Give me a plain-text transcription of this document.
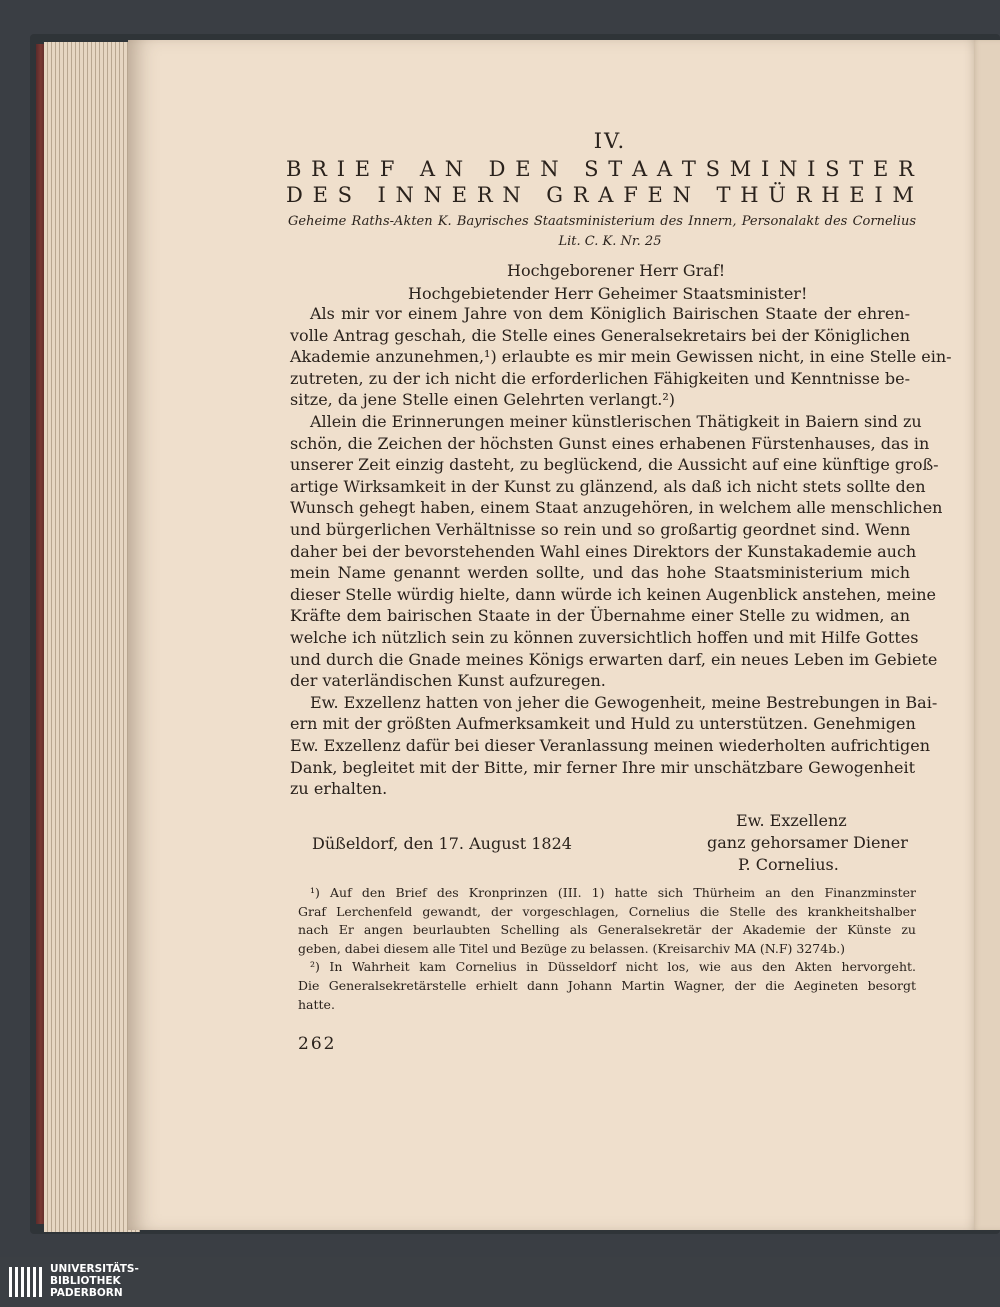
IV.
B R I E F A N D E N S T A A T S M I N I S T E R
D E S I N N E R N G R A F E N T H Ü R H E I M
Geheime Raths-Akten K. Bayrisches Staatsministerium des Innern, Personalakt des Cornelius
Lit. C. K. Nr. 25
Hochgeborener Herr Graf!
Hochgebietender Herr Geheimer Staatsminister!
Als mir vor einem Jahre von dem Königlich Bairischen Staate der ehren-
volle Antrag geschah, die Stelle eines Generalsekretairs bei der Königlichen
Akademie anzunehmen,¹) erlaubte es mir mein Gewissen nicht, in eine Stelle ein-
zutreten, zu der ich nicht die erforderlichen Fähigkeiten und Kenntnisse be-
sitze, da jene Stelle einen Gelehrten verlangt.²)
Allein die Erinnerungen meiner künstlerischen Thätigkeit in Baiern sind zu
schön, die Zeichen der höchsten Gunst eines erhabenen Fürstenhauses, das in
unserer Zeit einzig dasteht, zu beglückend, die Aussicht auf eine künftige groß-
artige Wirksamkeit in der Kunst zu glänzend, als daß ich nicht stets sollte den
Wunsch gehegt haben, einem Staat anzugehören, in welchem alle menschlichen
und bürgerlichen Verhältnisse so rein und so großartig geordnet sind. Wenn
daher bei der bevorstehenden Wahl eines Direktors der Kunstakademie auch
mein Name genannt werden sollte, und das hohe Staatsministerium mich
dieser Stelle würdig hielte, dann würde ich keinen Augenblick anstehen, meine
Kräfte dem bairischen Staate in der Übernahme einer Stelle zu widmen, an
welche ich nützlich sein zu können zuversichtlich hoffen und mit Hilfe Gottes
und durch die Gnade meines Königs erwarten darf, ein neues Leben im Gebiete
der vaterländischen Kunst aufzuregen.
Ew. Exzellenz hatten von jeher die Gewogenheit, meine Bestrebungen in Bai-
ern mit der größten Aufmerksamkeit und Huld zu unterstützen. Genehmigen
Ew. Exzellenz dafür bei dieser Veranlassung meinen wiederholten aufrichtigen
Dank, begleitet mit der Bitte, mir ferner Ihre mir unschätzbare Gewogenheit
zu erhalten.
Ew. Exzellenz
Düßeldorf, den 17. August 1824	ganz gehorsamer Diener
P. Cornelius.
¹) Auf den Brief des Kronprinzen (III. 1) hatte sich Thürheim an den Finanzminster
Graf Lerchenfeld gewandt, der vorgeschlagen, Cornelius die Stelle des krankheitshalber
nach Er angen beurlaubten Schelling als Generalsekretär der Akademie der Künste zu
geben, dabei diesem alle Titel und Bezüge zu belassen. (Kreisarchiv MA (N.F) 3274b.)
²) In Wahrheit kam Cornelius in Düsseldorf nicht los, wie aus den Akten hervorgeht.
Die Generalsekretärstelle erhielt dann Johann Martin Wagner, der die Aegineten besorgt
hatte.
262
UNIVERSITÄTS-
BIBLIOTHEK
PADERBORN
